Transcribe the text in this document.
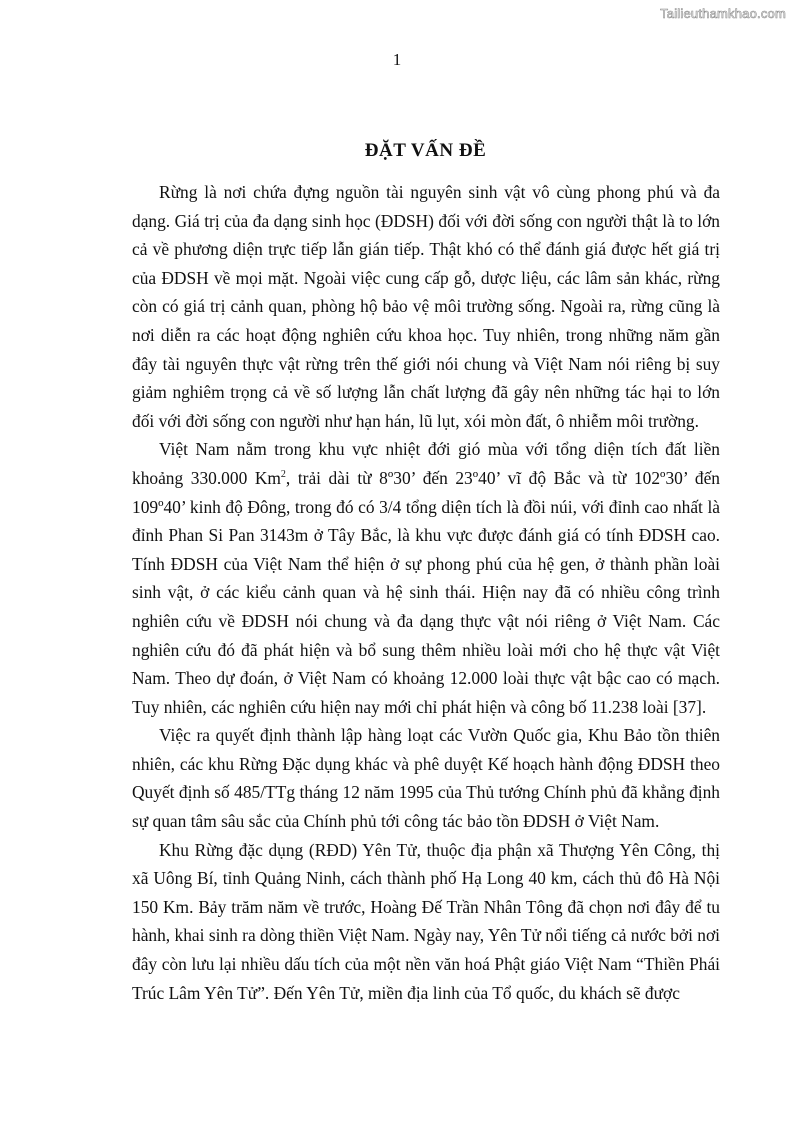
Tailieuthamkhao.com
1
ĐẶT VẤN ĐỀ

Rừng là nơi chứa đựng nguồn tài nguyên sinh vật vô cùng phong phú và đa dạng. Giá trị của đa dạng sinh học (ĐDSH) đối với đời sống con người thật là to lớn cả về phương diện trực tiếp lẫn gián tiếp. Thật khó có thể đánh giá được hết giá trị của ĐDSH về mọi mặt. Ngoài việc cung cấp gỗ, dược liệu, các lâm sản khác, rừng còn có giá trị cảnh quan, phòng hộ bảo vệ môi trường sống. Ngoài ra, rừng cũng là nơi diễn ra các hoạt động nghiên cứu khoa học. Tuy nhiên, trong những năm gần đây tài nguyên thực vật rừng trên thế giới nói chung và Việt Nam nói riêng bị suy giảm nghiêm trọng cả về số lượng lẫn chất lượng đã gây nên những tác hại to lớn đối với đời sống con người như hạn hán, lũ lụt, xói mòn đất, ô nhiễm môi trường.

Việt Nam nằm trong khu vực nhiệt đới gió mùa với tổng diện tích đất liền khoảng 330.000 Km$^2$, trải dài từ 8º30’ đến 23º40’ vĩ độ Bắc và từ 102º30’ đến 109º40’ kinh độ Đông, trong đó có 3/4 tổng diện tích là đồi núi, với đỉnh cao nhất là đỉnh Phan Si Pan 3143m ở Tây Bắc, là khu vực được đánh giá có tính ĐDSH cao. Tính ĐDSH của Việt Nam thể hiện ở sự phong phú của hệ gen, ở thành phần loài sinh vật, ở các kiểu cảnh quan và hệ sinh thái. Hiện nay đã có nhiều công trình nghiên cứu về ĐDSH nói chung và đa dạng thực vật nói riêng ở Việt Nam. Các nghiên cứu đó đã phát hiện và bổ sung thêm nhiều loài mới cho hệ thực vật Việt Nam. Theo dự đoán, ở Việt Nam có khoảng 12.000 loài thực vật bậc cao có mạch. Tuy nhiên, các nghiên cứu hiện nay mới chỉ phát hiện và công bố 11.238 loài [37].

Việc ra quyết định thành lập hàng loạt các Vườn Quốc gia, Khu Bảo tồn thiên nhiên, các khu Rừng Đặc dụng khác và phê duyệt Kế hoạch hành động ĐDSH theo Quyết định số 485/TTg tháng 12 năm 1995 của Thủ tướng Chính phủ đã khẳng định sự quan tâm sâu sắc của Chính phủ tới công tác bảo tồn ĐDSH ở Việt Nam.

Khu Rừng đặc dụng (RĐD) Yên Tử, thuộc địa phận xã Thượng Yên Công, thị xã Uông Bí, tỉnh Quảng Ninh, cách thành phố Hạ Long 40 km, cách thủ đô Hà Nội 150 Km. Bảy trăm năm về trước, Hoàng Đế Trần Nhân Tông đã chọn nơi đây để tu hành, khai sinh ra dòng thiền Việt Nam. Ngày nay, Yên Tử nổi tiếng cả nước bởi nơi đây còn lưu lại nhiều dấu tích của một nền văn hoá Phật giáo Việt Nam “Thiền Phái Trúc Lâm Yên Tử”. Đến Yên Tử, miền địa linh của Tổ quốc, du khách sẽ được
